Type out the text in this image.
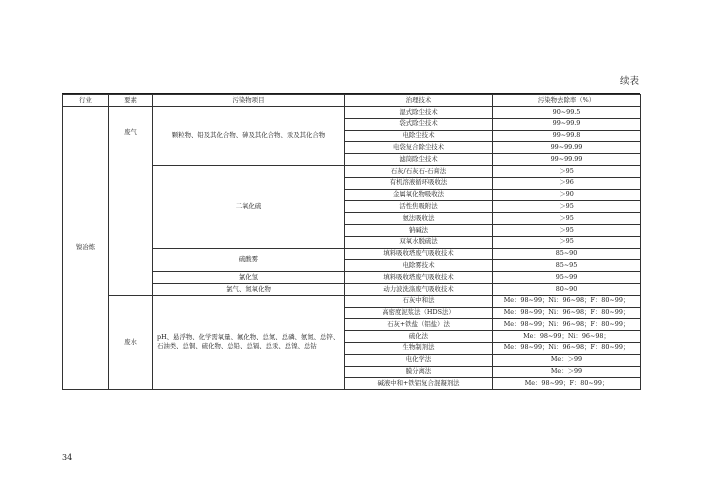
续表
行业	要素	污染物项目	治理技术	污染物去除率（%）
镍冶炼	废气	颗粒物、铅及其化合物、砷及其化合物、汞及其化合物	湿式除尘技术	90~99.5
			袋式除尘技术	99~99.9
			电除尘技术	99~99.8
			电袋复合除尘技术	99~99.99
			滤筒除尘技术	99~99.99
		二氧化硫	石灰/石灰石-石膏法	＞95
			有机溶液循环吸收法	＞96
			金属氧化物吸收法	＞90
			活性焦吸附法	＞95
			氨法吸收法	＞95
			钠碱法	＞95
			双氧水脱硫法	＞95
		硫酸雾	填料吸收塔废气吸收技术	85~90
			电除雾技术	85~95
		氯化氢	填料吸收塔废气吸收技术	95~99
		氯气、氮氧化物	动力波洗涤废气吸收技术	80~90
	废水	pH、悬浮物、化学需氧量、氟化物、总氮、总磷、氨氮、总锌、石油类、总铜、硫化物、总铅、总镉、总汞、总镍、总钴	石灰中和法	Me：98~99；Ni：96~98；F：80~99；
			高密度泥浆法（HDS法）	Me：98~99；Ni：96~98；F：80~99；
			石灰+铁盐（铝盐）法	Me：98~99；Ni：96~98；F：80~99；
			硫化法	Me：98~99；Ni：96~98；
			生物制剂法	Me：98~99；Ni：96~98；F：80~99；
			电化学法	Me：＞99
			膜分离法	Me：＞99
			碱液中和+铁铝复合混凝剂法	Me：98~99；F：80~99；
34
